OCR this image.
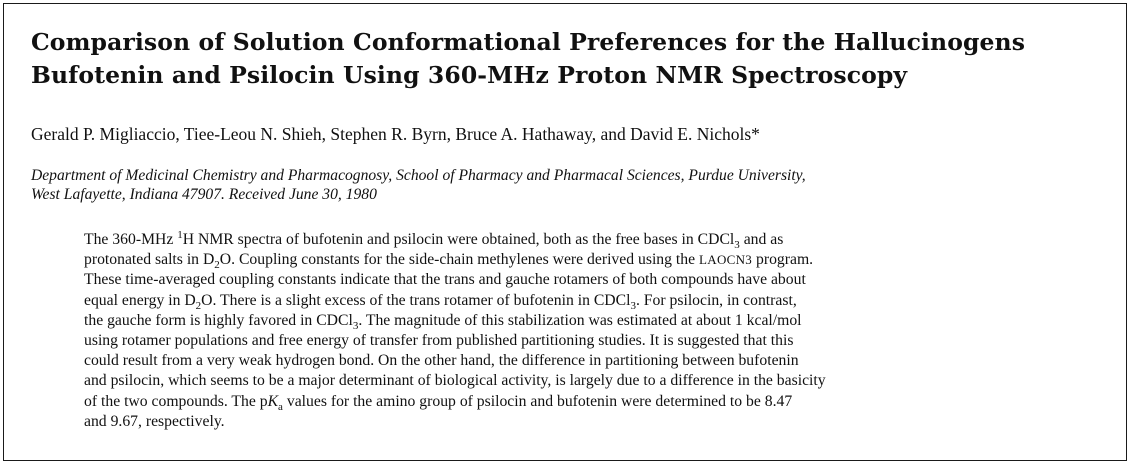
Comparison of Solution Conformational Preferences for the Hallucinogens
Bufotenin and Psilocin Using 360-MHz Proton NMR Spectroscopy

Gerald P. Migliaccio, Tiee-Leou N. Shieh, Stephen R. Byrn, Bruce A. Hathaway, and David E. Nichols*

Department of Medicinal Chemistry and Pharmacognosy, School of Pharmacy and Pharmacal Sciences, Purdue University,
West Lafayette, Indiana 47907. Received June 30, 1980

The 360-MHz $^1$H NMR spectra of bufotenin and psilocin were obtained, both as the free bases in CDCl$_3$ and as
protonated salts in $D_2O$. Coupling constants for the side-chain methylenes were derived using the LAOCN3 program.
These time-averaged coupling constants indicate that the trans and gauche rotamers of both compounds have about
equal energy in $D_2O$. There is a slight excess of the trans rotamer of bufotenin in CDCl$_3$. For psilocin, in contrast,
the gauche form is highly favored in CDCl$_3$. The magnitude of this stabilization was estimated at about 1 kcal/mol
using rotamer populations and free energy of transfer from published partitioning studies. It is suggested that this
could result from a very weak hydrogen bond. On the other hand, the difference in partitioning between bufotenin
and psilocin, which seems to be a major determinant of biological activity, is largely due to a difference in the basicity
of the two compounds. The $pK_a$ values for the amino group of psilocin and bufotenin were determined to be 8.47
and 9.67, respectively.
